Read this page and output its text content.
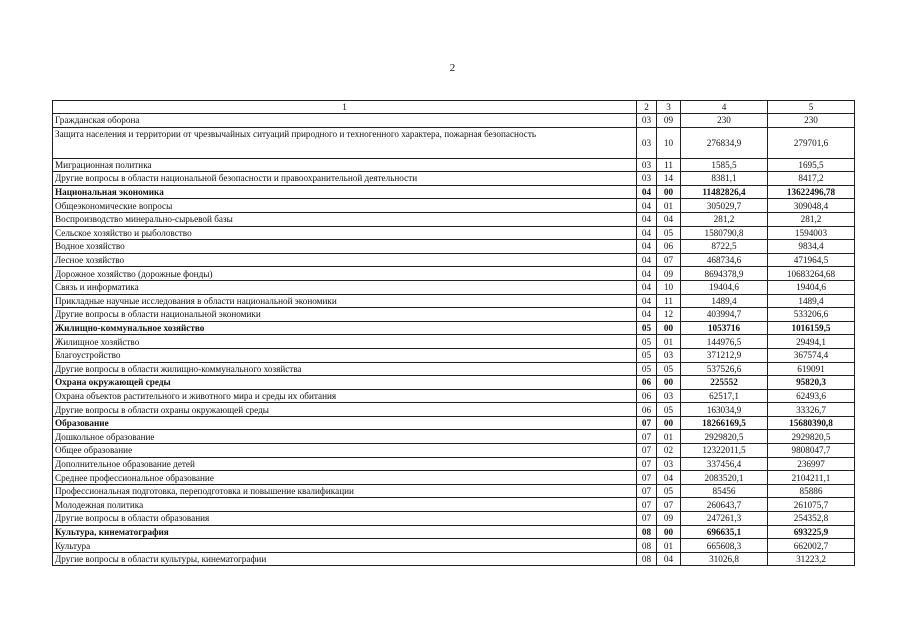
2
1	2	3	4	5
Гражданская оборона	03	09	230	230
Защита населения и территории от чрезвычайных ситуаций природного и техногенного характера, пожарная безопасность	03	10	276834,9	279701,6
Миграционная политика	03	11	1585,5	1695,5
Другие вопросы в области национальной безопасности и правоохранительной деятельности	03	14	8381,1	8417,2
Национальная экономика	04	00	11482826,4	13622496,78
Общеэкономические вопросы	04	01	305029,7	309048,4
Воспроизводство минерально-сырьевой базы	04	04	281,2	281,2
Сельское хозяйство и рыболовство	04	05	1580790,8	1594003
Водное хозяйство	04	06	8722,5	9834,4
Лесное хозяйство	04	07	468734,6	471964,5
Дорожное хозяйство (дорожные фонды)	04	09	8694378,9	10683264,68
Связь и информатика	04	10	19404,6	19404,6
Прикладные научные исследования в области национальной экономики	04	11	1489,4	1489,4
Другие вопросы в области национальной экономики	04	12	403994,7	533206,6
Жилищно-коммунальное хозяйство	05	00	1053716	1016159,5
Жилищное хозяйство	05	01	144976,5	29494,1
Благоустройство	05	03	371212,9	367574,4
Другие вопросы в области жилищно-коммунального хозяйства	05	05	537526,6	619091
Охрана окружающей среды	06	00	225552	95820,3
Охрана объектов растительного и животного мира и среды их обитания	06	03	62517,1	62493,6
Другие вопросы в области охраны окружающей среды	06	05	163034,9	33326,7
Образование	07	00	18266169,5	15680390,8
Дошкольное образование	07	01	2929820,5	2929820,5
Общее образование	07	02	12322011,5	9808047,7
Дополнительное образование детей	07	03	337456,4	236997
Среднее профессиональное образование	07	04	2083520,1	2104211,1
Профессиональная подготовка, переподготовка и повышение квалификации	07	05	85456	85886
Молодежная политика	07	07	260643,7	261075,7
Другие вопросы в области образования	07	09	247261,3	254352,8
Культура, кинематография	08	00	696635,1	693225,9
Культура	08	01	665608,3	662002,7
Другие вопросы в области культуры, кинематографии	08	04	31026,8	31223,2
